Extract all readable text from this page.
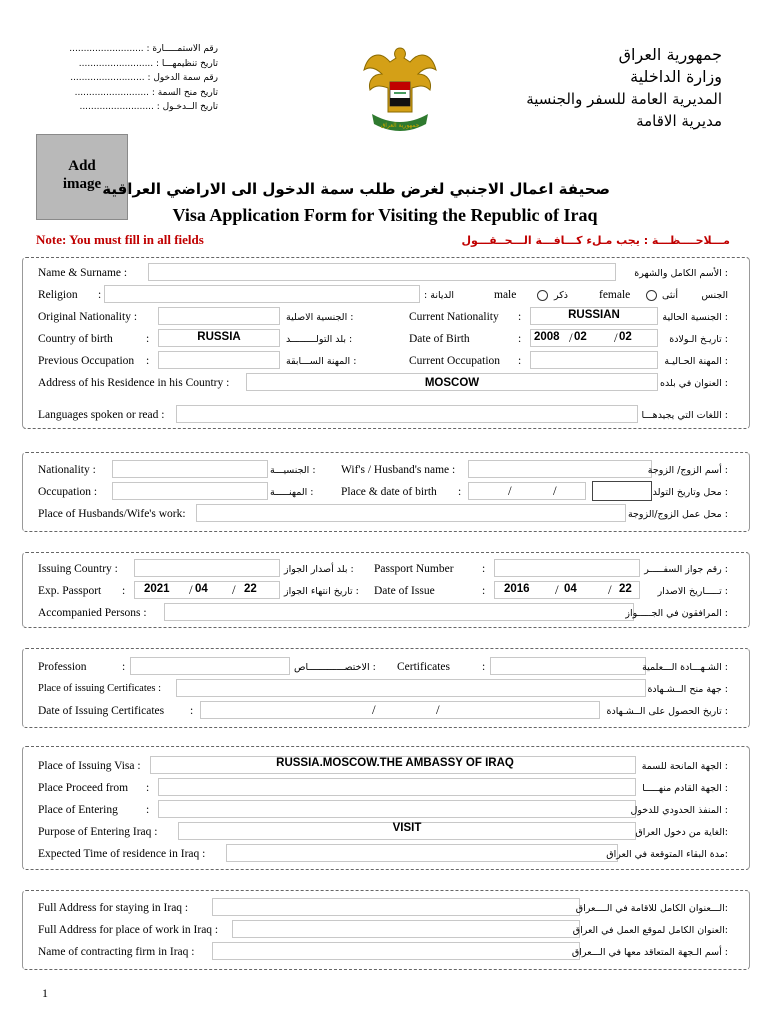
رقم الاستمـــــارة : ..........................
تاريخ تنظيمهـــا : ..........................
رقم سمة الدخول : ..........................
تاريخ منح السمة : ..........................
تاريخ الــدخـول : ..........................
جمهورية العراق
جمهورية العراق
وزارة الداخلية
المديرية العامة للسفر والجنسية
مديرية الاقامة
Add
image صحيفة اعمال الاجنبي لغرض طلب سمة الدخول الى الاراضي العراقية
Visa Application Form for Visiting the Republic of Iraq
Note: You must fill in all fields	مـــلاحــــظـــة : يجب مـلء كـــافـــة الـــحــقـــول
Name & Surname :	: الأسم الكامل والشهرة
Religion :	الديانة :	male	ذكر	female	أنثى الجنس
Original Nationality :	: الجنسية الاصلية	Current Nationality :	RUSSIAN	: الجنسية الحالية
Country of birth	:	RUSSIA	: بلد التولـــــــــد	Date of Birth	: 2008 / 02 / 02	: تاريـخ الـولادة
Previous Occupation :	: المهنة الســـابقة	Current Occupation :	: المهنة الحـاليـة
Address of his Residence in his Country :	MOSCOW	: العنوان في بلده
Languages spoken or read :	: اللغات التي يجيدهـــا
Nationality :	: الجنسيـــة Wif's / Husband's name :	: أسم الزوج/ الزوجة
Occupation :	: المهنـــــة Place & date of birth :	/	/	: محل وتاريخ التولد
Place of Husbands/Wife's work:	: محل عمل الزوج/الزوجة
Issuing Country :	: بلد أصدار الجواز Passport Number :	: رقم جواز السفـــــر
Exp. Passport : 2021 / 04 / 22	: تاريخ انتهاء الجواز Date of Issue	: 2016 / 04 / 22	: تـــــاريخ الاصدار
Accompanied Persons :	: المرافقون في الجـــــواز
Profession	:	: الاختصـــــــــــــاص Certificates	:	: الشـهـــادة الـــعلمية
Place of issuing Certificates :	: جهة منح الــشـهادة
Date of Issuing Certificates :	/	/	: تاريخ الحصول على الــشـهادة
Place of Issuing Visa :	RUSSIA.MOSCOW.THE AMBASSY OF IRAQ	: الجهة المانحة للسمة
Place Proceed from :	: الجهة القادم منهـــــا
Place of Entering :	: المنفذ الحدودي للدخول
Purpose of Entering Iraq :	VISIT	:الغاية من دخول العراق
Expected Time of residence in Iraq :	:مدة البقاء المتوقعة في العراق
Full Address for staying in Iraq :	:الـــعنوان الكامل للاقامة في الــــعراق
Full Address for place of work in Iraq :	:العنوان الكامل لموقع العمل في العراق
Name of contracting firm in Iraq :	: أسم الـجهة المتعاقد معها في الـــعراق
1
